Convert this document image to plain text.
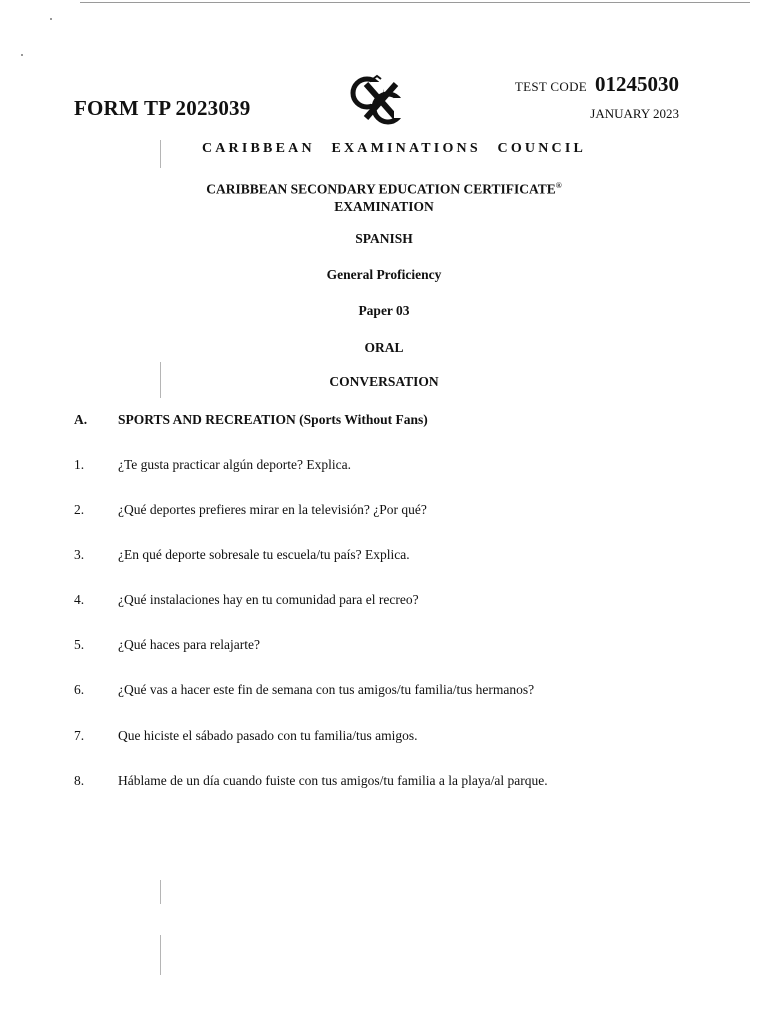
FORM TP 2023039
TEST CODE 01245030
JANUARY 2023
CARIBBEAN EXAMINATIONS COUNCIL
CARIBBEAN SECONDARY EDUCATION CERTIFICATE®
EXAMINATION
SPANISH
General Proficiency
Paper 03
ORAL
CONVERSATION
A. SPORTS AND RECREATION (Sports Without Fans)
1.	¿Te gusta practicar algún deporte? Explica.
2.	¿Qué deportes prefieres mirar en la televisión? ¿Por qué?
3.	¿En qué deporte sobresale tu escuela/tu país? Explica.
4.	¿Qué instalaciones hay en tu comunidad para el recreo?
5.	¿Qué haces para relajarte?
6.	¿Qué vas a hacer este fin de semana con tus amigos/tu familia/tus hermanos?
7.	Que hiciste el sábado pasado con tu familia/tus amigos.
8.	Háblame de un día cuando fuiste con tus amigos/tu familia a la playa/al parque.
